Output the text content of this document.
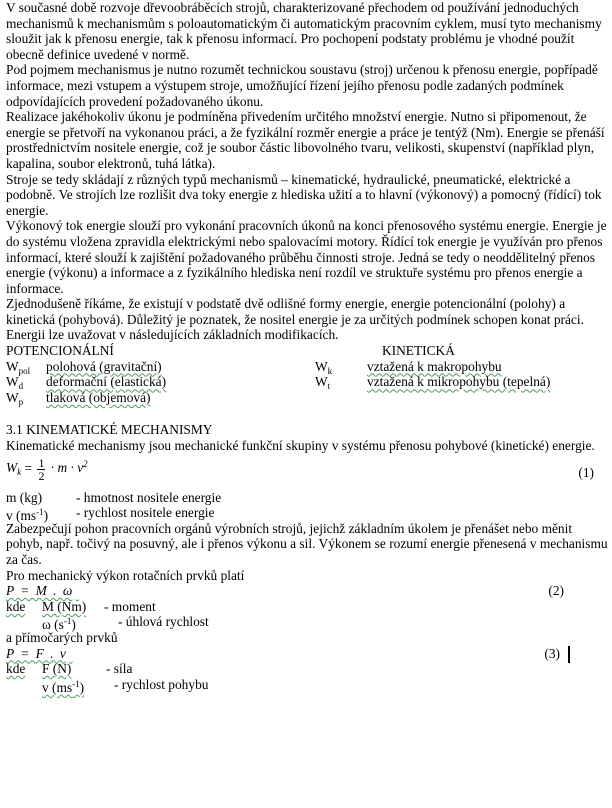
V současné době rozvoje dřevoobráběcích strojů, charakterizované přechodem od používání jednoduchých mechanismů k mechanismům s poloautomatickým či automatickým pracovním cyklem, musí tyto mechanismy sloužit jak k přenosu energie, tak k přenosu informací. Pro pochopení podstaty problému je vhodné použít obecně definice uvedené v normě.

Pod pojmem mechanismus je nutno rozumět technickou soustavu (stroj) určenou k přenosu energie, popřípadě informace, mezi vstupem a výstupem stroje, umožňující řízení jejího přenosu podle zadaných podmínek odpovídajících provedení požadovaného úkonu.

Realizace jakéhokoliv úkonu je podmíněna přivedením určitého množství energie. Nutno si připomenout, že energie se přetvoří na vykonanou práci, a že fyzikální rozměr energie a práce je tentýž (Nm). Energie se přenáší prostřednictvím nositele energie, což je soubor částic libovolného tvaru, velikosti, skupenství (například plyn, kapalina, soubor elektronů, tuhá látka).

Stroje se tedy skládají z různých typů mechanismů – kinematické, hydraulické, pneumatické, elektrické a podobně. Ve strojích lze rozlišit dva toky energie z hlediska užití a to hlavní (výkonový) a pomocný (řídící) tok energie.

Výkonový tok energie slouží pro vykonání pracovních úkonů na konci přenosového systému energie. Energie je do systému vložena zpravidla elektrickými nebo spalovacími motory. Řídící tok energie je využíván pro přenos informací, které slouží k zajištění požadovaného průběhu činnosti stroje. Jedná se tedy o neoddělitelný přenos energie (výkonu) a informace a z fyzikálního hlediska není rozdíl ve struktuře systému pro přenos energie a informace.

Zjednodušeně říkáme, že existují v podstatě dvě odlišné formy energie, energie potencionální (polohy) a kinetická (pohybová). Důležitý je poznatek, že nositel energie je za určitých podmínek schopen konat práci. Energii lze uvažovat v následujících základních modifikacích.

POTENCIONÁLNÍ	KINETICKÁ
$W_{pol}$ polohová (gravitační)	$W_k$	vztažená k makropohybu
$W_d$ deformační (elastická)	$W_t$	vztažená k mikropohybu (tepelná)
$W_p$ tlaková (objemová)

3.1 KINEMATICKÉ MECHANISMY

Kinematické mechanismy jsou mechanické funkční skupiny v systému přenosu pohybové (kinetické) energie.

$W_k = \frac{1}{2} \cdot m \cdot v^2$
(1)
m (kg)	- hmotnost nositele energie
v $(ms^{-1})$ - rychlost nositele energie

Zabezpečují pohon pracovních orgánů výrobních strojů, jejichž základním úkolem je přenášet nebo měnit pohyb, např. točivý na posuvný, ale i přenos výkonu a sil. Výkonem se rozumí energie přenesená v mechanismu za čas.

Pro mechanický výkon rotačních prvků platí

P = M . ω	(2)
kde M (Nm) - moment
ω $(s^{-1})$	- úhlová rychlost

a přímočarých prvků

P = F . v	(3)
kde F (N)	- síla
v $(ms^{-1})$ - rychlost pohybu
